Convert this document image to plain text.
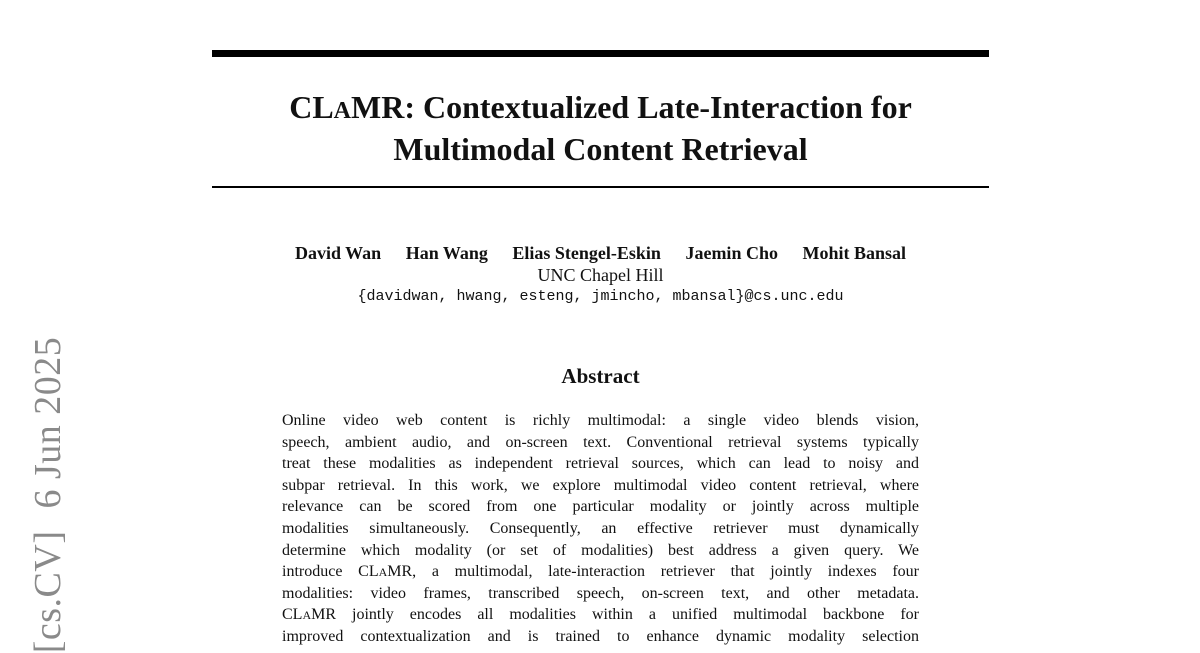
[cs.CV]6 Jun 2025
CLAMR: Contextualized Late-Interaction for
Multimodal Content Retrieval
David Wan Han Wang Elias Stengel-Eskin Jaemin Cho Mohit Bansal
UNC Chapel Hill
{davidwan, hwang, esteng, jmincho, mbansal}@cs.unc.edu
Abstract
Online video web content is richly multimodal: a single video blends vision,
speech, ambient audio, and on-screen text. Conventional retrieval systems typically
treat these modalities as independent retrieval sources, which can lead to noisy and
subpar retrieval. In this work, we explore multimodal video content retrieval, where
relevance can be scored from one particular modality or jointly across multiple
modalities simultaneously. Consequently, an effective retriever must dynamically
determine which modality (or set of modalities) best address a given query. We
introduce CLAMR, a multimodal, late-interaction retriever that jointly indexes four
modalities: video frames, transcribed speech, on-screen text, and other metadata.
CLAMR jointly encodes all modalities within a unified multimodal backbone for
improved contextualization and is trained to enhance dynamic modality selection
